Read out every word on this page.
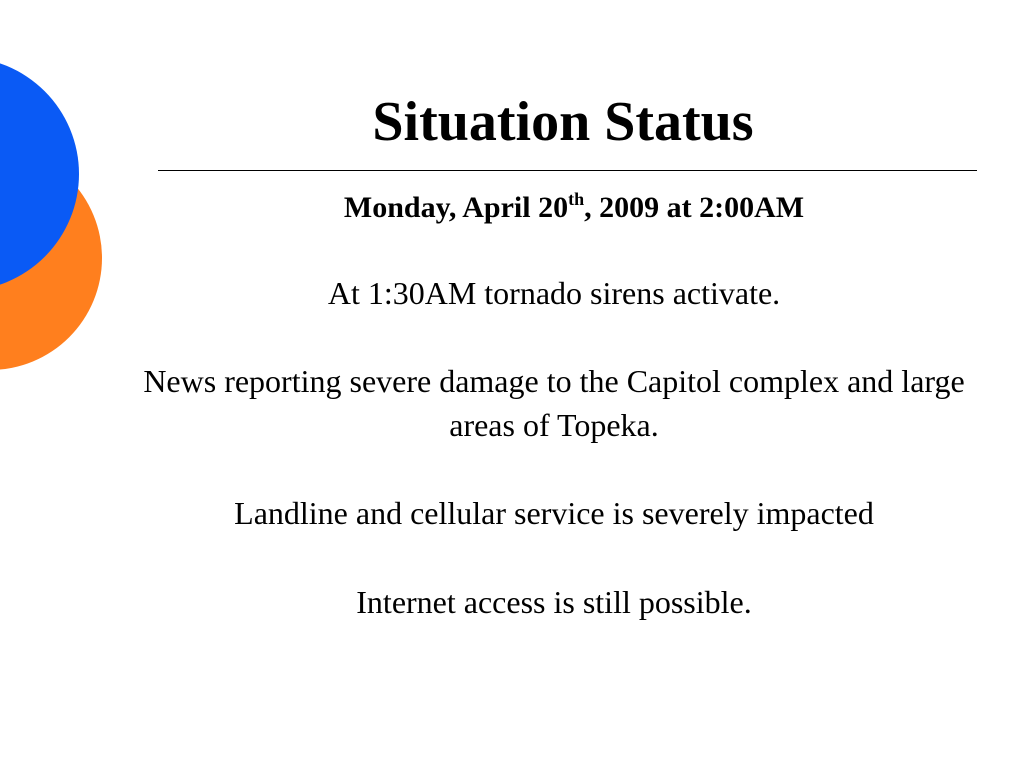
Situation Status
Monday, April 20th, 2009 at 2:00AM

At 1:30AM tornado sirens activate.

News reporting severe damage to the Capitol complex and large areas of Topeka.

Landline and cellular service is severely impacted

Internet access is still possible.
